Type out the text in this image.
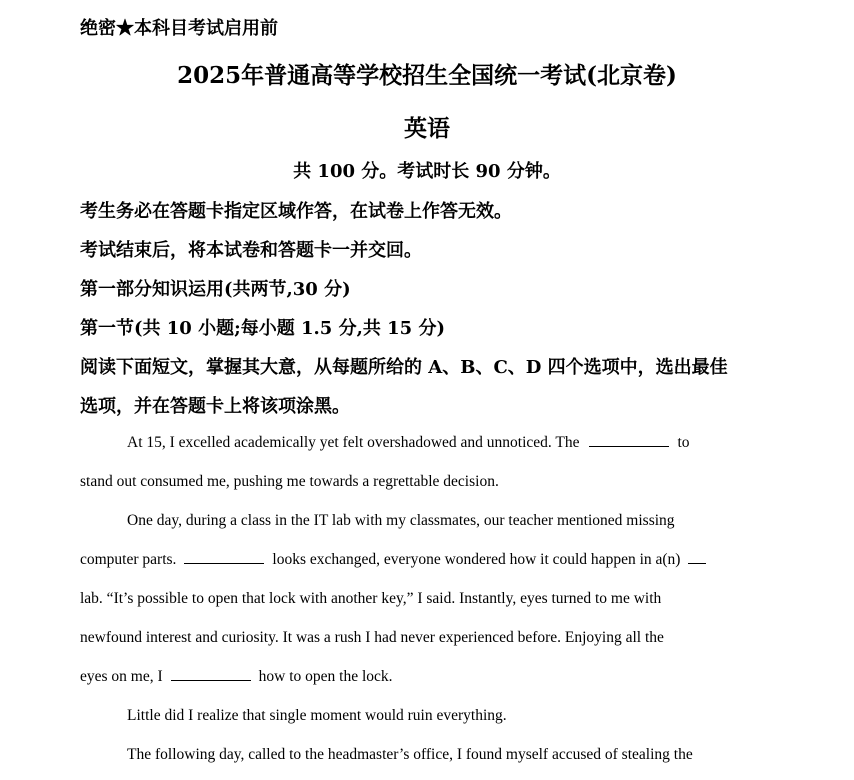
绝密★本科目考试启用前
2025年普通高等学校招生全国统一考试(北京卷)
英语
共 100 分。考试时长 90 分钟。
考生务必在答题卡指定区域作答，在试卷上作答无效。
考试结束后，将本试卷和答题卡一并交回。
第一部分知识运用(共两节,30 分)
第一节(共 10 小题;每小题 1.5 分,共 15 分)
阅读下面短文，掌握其大意，从每题所给的 A、B、C、D 四个选项中，选出最佳
选项，并在答题卡上将该项涂黑。
At 15, I excelled academically yet felt overshadowed and unnoticed. The	to
stand out consumed me, pushing me towards a regrettable decision.
One day, during a class in the IT lab with my classmates, our teacher mentioned missing
computer parts.	looks exchanged, everyone wondered how it could happen in a(n)
lab. “It’s possible to open that lock with another key,” I said. Instantly, eyes turned to me with
newfound interest and curiosity. It was a rush I had never experienced before. Enjoying all the
eyes on me, I	how to open the lock.
Little did I realize that single moment would ruin everything.
The following day, called to the headmaster’s office, I found myself accused of stealing the
